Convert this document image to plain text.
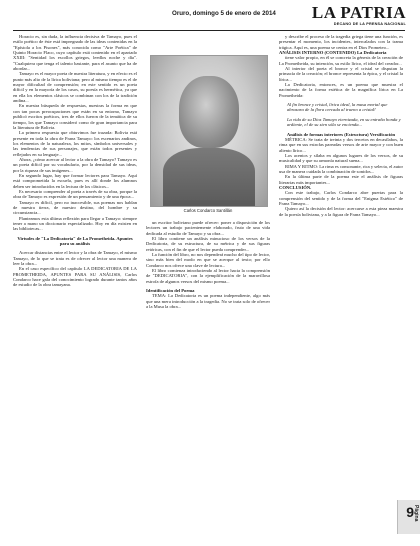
Oruro, domingo 5 de enero de 2014 LA PATRIA
DECANO DE LA PRENSA NACIONAL

Horacio es, sin duda, la influencia decisiva de Tamayo, pues el estilo poético de éste está impregnado de las ideas contenidas en la "Epístola a los Pisones", más conocida como "Arte Poética" de Quinto Horacio Flaco, cuyo capítulo está contenido en el apartado XXIII: "Sentidad los escollos griegos, leedlos noche y día". "Cualquiera que tenga el talento bastante, para el asunto que ha de abordar...

Tamayo es el mayor poeta de nuestra literatura, y en efecto es el punto más alto de la lírica boliviana; pero al mismo tiempo es el de mayor dificultad de comprensión; en este sentido es un poeta difícil y en la mayoría de los casos, su poesía es hermética, ya que en ella los elementos clásicos se combinan con los de la tradición andina...

En nuestra búsqueda de respuestas, nuestras la forma en que con tan pocas preocupaciones que están en su entorno, Tamayo publicó escritos poéticos, tres de ellos fueron de la temática de su tiempo, los que Tamayo consideró como de gran importancia para la literatura de Bolivia.

La primera respuesta que obtuvimos fue trazada: Bolivia está presente en toda la obra de Franz Tamayo: los escenarios andinos, los elementos de la naturaleza, los mitos, símbolos universales y las tendencias de sus personajes, que están todos presentes y reflejados en su lenguaje...

Ahora, ¿cómo acercar al lector a la obra de Tamayo? Tamayo es un poeta difícil por su vocabulario, por la densidad de sus ideas, por la riqueza de sus imágenes...

En segundo lugar, hay que formar lectores para Tamayo. Aquí está comprometida la escuela, pues es allí donde los alumnos deben ser introducidos en la lectura de los clásicos...

Es necesario comprender al poeta a través de su obra, porque la obra de Tamayo es expresión de un pensamiento y de una época...

Tamayo es difícil, pero no inaccesible, sus poemas nos hablan de nuestra tierra, de nuestro destino, del hombre y su circunstancia...

Planteamos esta última reflexión para llegar a Tamayo: siempre tener a mano un diccionario especializado. Hoy en día existen en las bibliotecas...

Virtudes de "La Dedicatoria" de La Prometheida. Apuntes para su análisis

Acercar distancias entre el lector y la obra de Tamayo, el mismo Tamayo, de lo que se trata es de ofrecer al lector una manera de leer la obra...

En el caso específico del capítulo LA DEDICATORIA DE LA PROMETHEIDA, APUNTES PARA SU ANÁLISIS, Carlos Condarco hace gala del conocimiento logrado durante tantos años de estudio de la obra tamayana.

Carlos Condarco Santillán

un escritor boliviano puede ofrecer: poner a disposición de los lectores un trabajo pacientemente elaborado, fruto de una vida dedicada al estudio de Tamayo y su obra...

El libro contiene un análisis minucioso de los versos de la Dedicatoria, de su estructura, de su métrica y de sus figuras retóricas, con el fin de que el lector pueda comprender...

La función del libro, no nos dependerá mucho del tipo de lector, sino más bien del modo en que se acerque al texto; por ello Condarco nos ofrece una clave de lectura...

El libro comienza introduciendo al lector hacia la comprensión de "DEDICATORIA", con la ejemplificación de la maravillosa estrofa de algunos versos del mismo poema...

Identificación del Poema

TEMA: La Dedicatoria es un poema independiente, algo más que una mera introducción a la tragedia. No se trata solo de ofrecer a la Musa la obra...

y describe el proceso de la tragedia griega tiene una función, es presentar el momento, los incidentes, intercalados con la trama trágica. Aquí es, una poema se centra en el Dios Prometeo...

ANÁLISIS INTERNO (CONTENIDO) La Dedicatoria

tiene valor propio, en él se concreta la génesis de la creación de La Prometheida, su intención, su estilo lírico, el ideal del creador...

Al interior del poeta el bronce y el cristal se disputan la primacía de la creación; el bronce representa la épica, y el cristal la lírica...

La Dedicatoria, entonces, es un poema que muestra el nacimiento de la forma estética de la magnífica lírica en La Prometheida:

Al fin bronce y cristal, lírica ideal, la musa mortal que abrasara de la flora cercada al trueno a cristal!

La vida de su Dios Tamayo eternizada, en su entraña honda y ardiente, el de su sien sóla se encienda...

Análisis de formas interiores (Estructura) Versificación

MÉTRICA: Se trata de treinta y dos tercetos en decasílabos, la rima que en sus estrofas pareadas versos de arte mayor y con buen aliento lírico...

Los acentos y sílaba en algunos lugares de los versos, de su musicalidad y que su armonía natural suena...

RIMA Y RITMO: La rima es consonante, rica y selecta, el autor usa de manera cuidada la combinación de sonidos...

En la última parte de la poema este el análisis de figuras literarias más importantes...

CONCLUSIÓN.

Con este trabajo, Carlos Condarco abre puertas para la comprensión del sentido y de la forma del "Enigma Estético" de Franz Tamayo...

Quiero así la decisión del lector: acercarse a esta pieza maestra de la poesía boliviana, y a la figura de Franz Tamayo...

9 Página
